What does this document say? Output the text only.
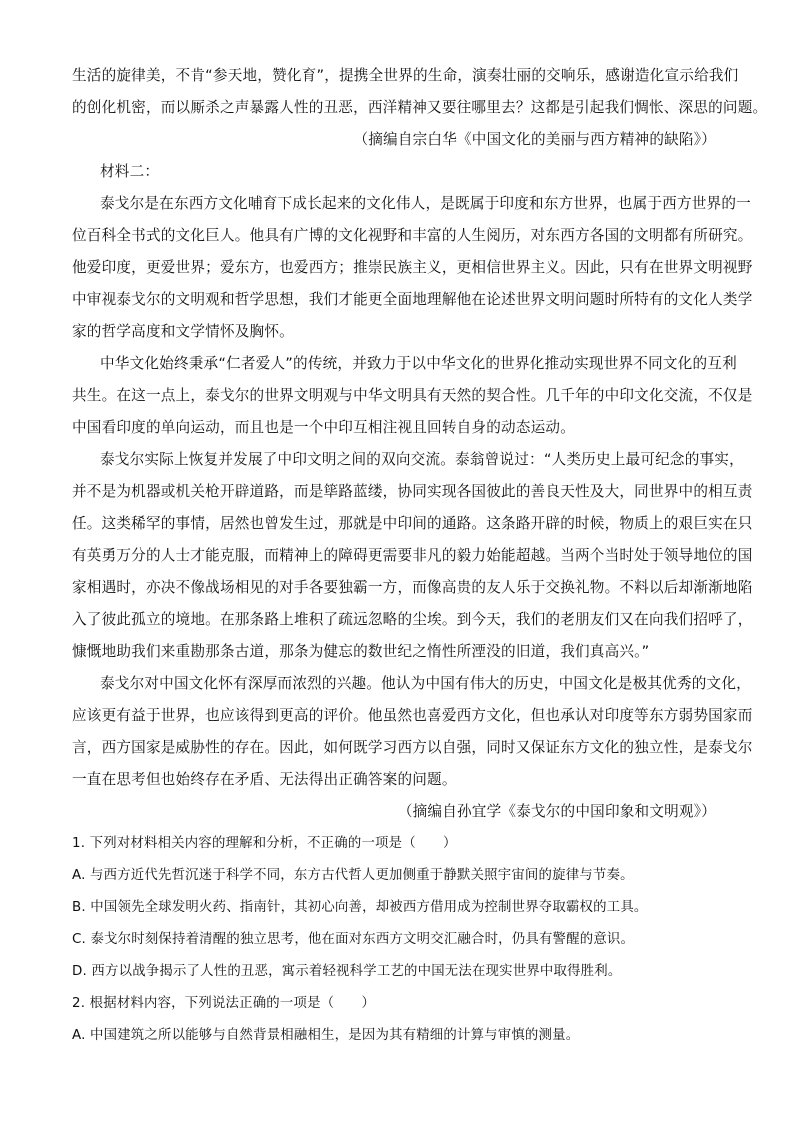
生活的旋律美，不肯“参天地，赞化育”，提携全世界的生命，演奏壮丽的交响乐，感谢造化宣示给我们
的创化机密，而以厮杀之声暴露人性的丑恶，西洋精神又要往哪里去？这都是引起我们惆怅、深思的问题。
（摘编自宗白华《中国文化的美丽与西方精神的缺陷》）
材料二：
泰戈尔是在东西方文化哺育下成长起来的文化伟人，是既属于印度和东方世界，也属于西方世界的一
位百科全书式的文化巨人。他具有广博的文化视野和丰富的人生阅历，对东西方各国的文明都有所研究。
他爱印度，更爱世界；爱东方，也爱西方；推崇民族主义，更相信世界主义。因此，只有在世界文明视野
中审视泰戈尔的文明观和哲学思想，我们才能更全面地理解他在论述世界文明问题时所特有的文化人类学
家的哲学高度和文学情怀及胸怀。
中华文化始终秉承“仁者爱人”的传统，并致力于以中华文化的世界化推动实现世界不同文化的互利
共生。在这一点上，泰戈尔的世界文明观与中华文明具有天然的契合性。几千年的中印文化交流，不仅是
中国看印度的单向运动，而且也是一个中印互相注视且回转自身的动态运动。
泰戈尔实际上恢复并发展了中印文明之间的双向交流。泰翁曾说过：“人类历史上最可纪念的事实，
并不是为机器或机关枪开辟道路，而是筚路蓝缕，协同实现各国彼此的善良天性及大，同世界中的相互责
任。这类稀罕的事情，居然也曾发生过，那就是中印间的通路。这条路开辟的时候，物质上的艰巨实在只
有英勇万分的人士才能克服，而精神上的障碍更需要非凡的毅力始能超越。当两个当时处于领导地位的国
家相遇时，亦决不像战场相见的对手各要独霸一方，而像高贵的友人乐于交换礼物。不料以后却渐渐地陷
入了彼此孤立的境地。在那条路上堆积了疏远忽略的尘埃。到今天，我们的老朋友们又在向我们招呼了，
慷慨地助我们来重勘那条古道，那条为健忘的数世纪之惰性所湮没的旧道，我们真高兴。”
泰戈尔对中国文化怀有深厚而浓烈的兴趣。他认为中国有伟大的历史，中国文化是极其优秀的文化，
应该更有益于世界，也应该得到更高的评价。他虽然也喜爱西方文化，但也承认对印度等东方弱势国家而
言，西方国家是威胁性的存在。因此，如何既学习西方以自强，同时又保证东方文化的独立性，是泰戈尔
一直在思考但也始终存在矛盾、无法得出正确答案的问题。
（摘编自孙宜学《泰戈尔的中国印象和文明观》）
1. 下列对材料相关内容的理解和分析，不正确的一项是（　　）
A. 与西方近代先哲沉迷于科学不同，东方古代哲人更加侧重于静默关照宇宙间的旋律与节奏。
B. 中国领先全球发明火药、指南针，其初心向善，却被西方借用成为控制世界夺取霸权的工具。
C. 泰戈尔时刻保持着清醒的独立思考，他在面对东西方文明交汇融合时，仍具有警醒的意识。
D. 西方以战争揭示了人性的丑恶，寓示着轻视科学工艺的中国无法在现实世界中取得胜利。
2. 根据材料内容，下列说法正确的一项是（　　）
A. 中国建筑之所以能够与自然背景相融相生，是因为其有精细的计算与审慎的测量。
